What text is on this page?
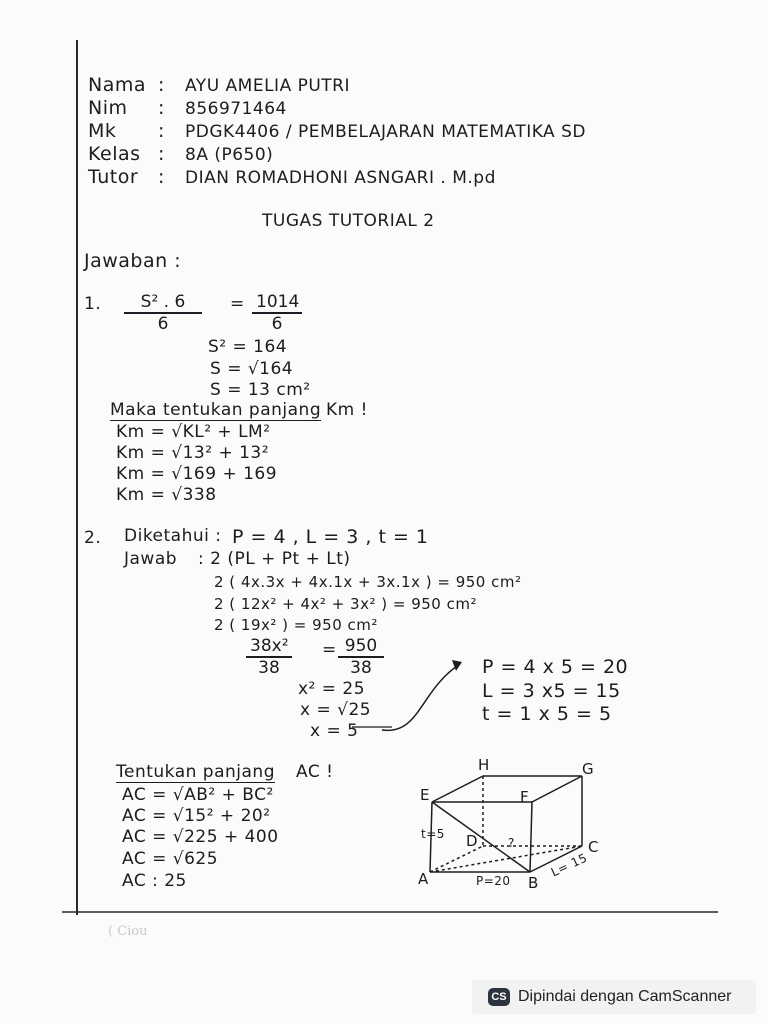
Nama : AYU AMELIA PUTRI
Nim : 856971464
Mk : PDGK4406 / PEMBELAJARAN MATEMATIKA SD
Kelas : 8A (P650)
Tutor : DIAN ROMADHONI ASNGARI . M.pd
TUGAS TUTORIAL 2
Jawaban :
1.	S² . 6
6
= 1014
6
S² = 164
S = √164
S = 13 cm²
Maka tentukan panjang Km !
Km = √KL² + LM²
Km = √13² + 13²
Km = √169 + 169
Km = √338
2. Diketahui : P = 4 , L = 3 , t = 1
Jawab : 2 (PL + Pt + Lt)
2 ( 4x.3x + 4x.1x + 3x.1x ) = 950 cm²
2 ( 12x² + 4x² + 3x² ) = 950 cm²
2 ( 19x² ) = 950 cm²
38x²
38
= 950
38
x² = 25
x = √25
x = 5
P = 4 x 5 = 20
L = 3 x5 = 15
t = 1 x 5 = 5
Tentukan panjang AC !
AC = √AB² + BC²
AC = √15² + 20²
AC = √225 + 400
AC = √625
AC : 25
H	G
E	F
D	C
A	B
t=5
P=20
L= 15
?
( Ciou
CS Dipindai dengan CamScanner
